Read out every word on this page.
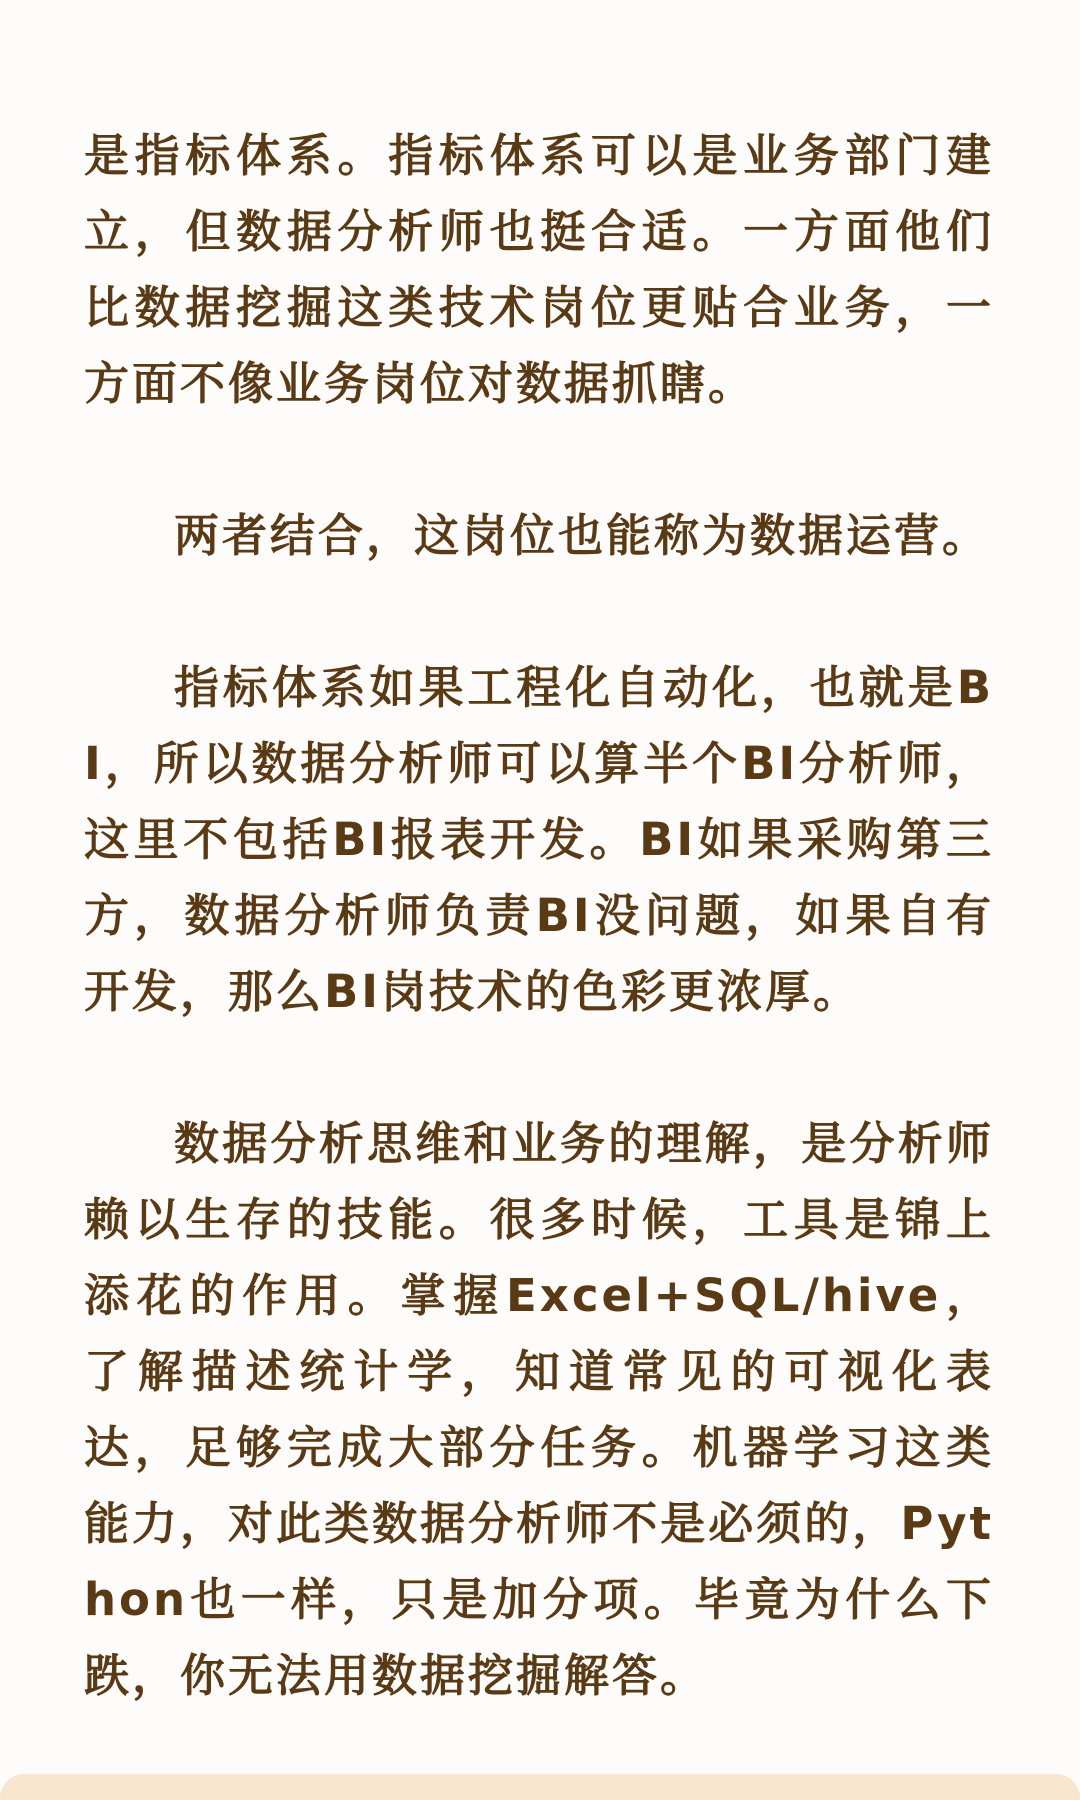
是指标体系。指标体系可以是业务部门建立，但数据分析师也挺合适。一方面他们比数据挖掘这类技术岗位更贴合业务，一方面不像业务岗位对数据抓瞎。

两者结合，这岗位也能称为数据运营。

指标体系如果工程化自动化，也就是BI，所以数据分析师可以算半个BI分析师，这里不包括BI报表开发。BI如果采购第三方，数据分析师负责BI没问题，如果自有开发，那么BI岗技术的色彩更浓厚。

数据分析思维和业务的理解，是分析师赖以生存的技能。很多时候，工具是锦上添花的作用。掌握Excel+SQL/hive，了解描述统计学，知道常见的可视化表达，足够完成大部分任务。机器学习这类能力，对此类数据分析师不是必须的，Python也一样，只是加分项。毕竟为什么下跌，你无法用数据挖掘解答。
